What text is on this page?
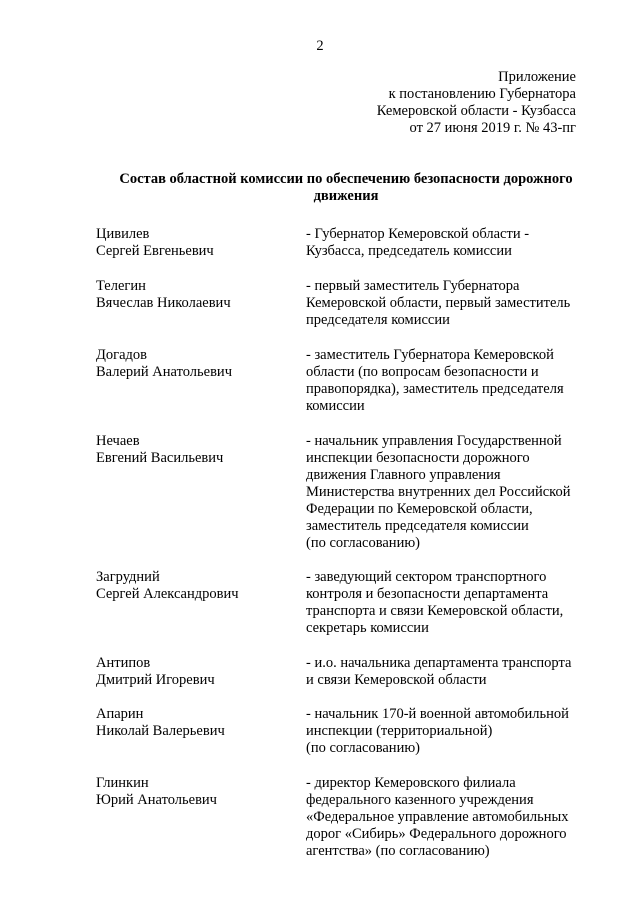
2
Приложение
к постановлению Губернатора
Кемеровской области - Кузбасса
от 27 июня 2019 г. № 43-пг
Состав областной комиссии по обеспечению безопасности дорожного
движения
Цивилев
Сергей Евгеньевич
- Губернатор Кемеровской области -
Кузбасса, председатель комиссии
Телегин
Вячеслав Николаевич
- первый заместитель Губернатора
Кемеровской области, первый заместитель
председателя комиссии
Догадов
Валерий Анатольевич
- заместитель Губернатора Кемеровской
области (по вопросам безопасности и
правопорядка), заместитель председателя
комиссии
Нечаев
Евгений Васильевич
- начальник управления Государственной
инспекции безопасности дорожного
движения Главного управления
Министерства внутренних дел Российской
Федерации по Кемеровской области,
заместитель председателя комиссии
(по согласованию)
Загрудний
Сергей Александрович
- заведующий сектором транспортного
контроля и безопасности департамента
транспорта и связи Кемеровской области,
секретарь комиссии
Антипов
Дмитрий Игоревич
- и.о. начальника департамента транспорта
и связи Кемеровской области
Апарин
Николай Валерьевич
- начальник 170-й военной автомобильной
инспекции (территориальной)
(по согласованию)
Глинкин
Юрий Анатольевич
- директор Кемеровского филиала
федерального казенного учреждения
«Федеральное управление автомобильных
дорог «Сибирь» Федерального дорожного
агентства» (по согласованию)
